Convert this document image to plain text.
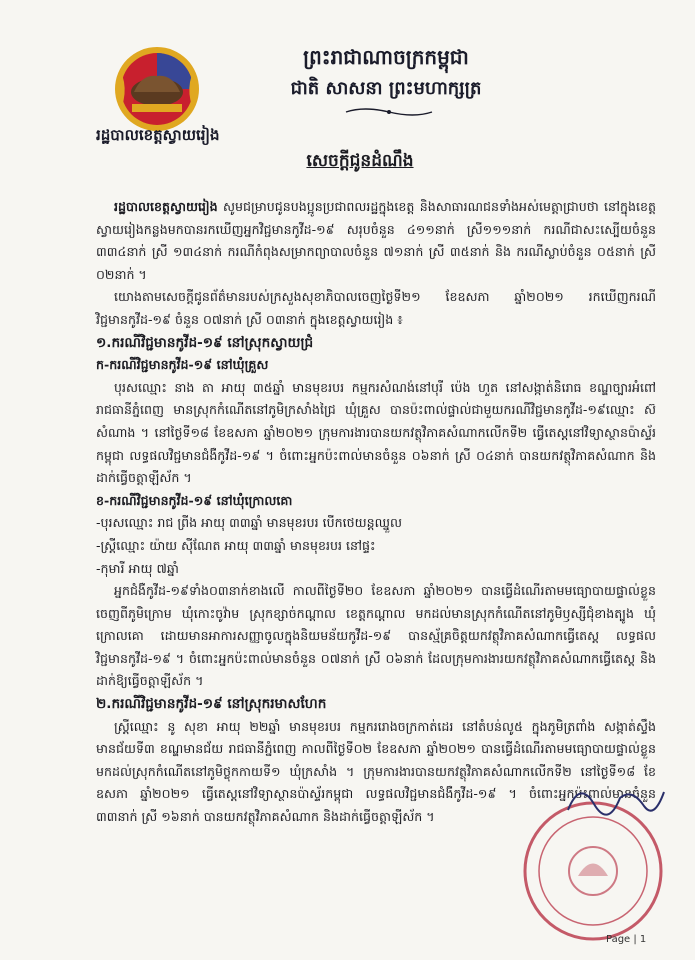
ព្រះរាជាណាចក្រកម្ពុជា
ជាតិ សាសនា ព្រះមហាក្សត្រ
រដ្ឋបាលខេត្តស្វាយរៀង
សេចក្ដីជូនដំណឹង

រដ្ឋបាលខេត្តស្វាយរៀង សូមជម្រាបជូនបងប្អូនប្រជាពលរដ្ឋក្នុងខេត្ត និងសាធារណជនទាំងអស់មេត្តាជ្រាបថា នៅក្នុងខេត្តស្វាយរៀងកន្លងមកបានរកឃើញអ្នកវិជ្ជមានកូវីដ-១៩ សរុបចំនួន ៤១១នាក់ ស្រី១១១នាក់ ករណីជាសះស្បើយចំនួន ៣៣៤នាក់ ស្រី ១៣៤នាក់ ករណីកំពុងសម្រាកព្យាបាលចំនួន ៧១នាក់ ស្រី ៣៥នាក់ និង ករណីស្លាប់ចំនួន ០៥នាក់ ស្រី ០២នាក់ ។

យោងតាមសេចក្ដីជូនព័ត៌មានរបស់ក្រសួងសុខាភិបាលចេញថ្ងៃទី២១ ខែឧសភា ឆ្នាំ២០២១ រកឃើញករណីវិជ្ជមានកូវីដ-១៩ ចំនួន ០៧នាក់ ស្រី ០៣នាក់ ក្នុងខេត្តស្វាយរៀង ៖

១.ករណីវិជ្ជមានកូវីដ-១៩ នៅស្រុកស្វាយជ្រំ

ក-ករណីវិជ្ជមានកូវីដ-១៩ នៅឃុំគ្រួស

បុរសឈ្មោះ នាង តា អាយុ ៣៥ឆ្នាំ មានមុខរបរ កម្មករសំណង់នៅបុរី ប៉េង ហួត នៅសង្កាត់និរោធ ខណ្ឌច្បារអំពៅ រាជធានីភ្នំពេញ មានស្រុកកំណើតនៅភូមិក្រសាំងជ្រៃ ឃុំគ្រួស បានប៉ះពាល់ផ្ទាល់ជាមួយករណីវិជ្ជមានកូវីដ-១៩ឈ្មោះ ស៊ សំណាង ។ នៅថ្ងៃទី១៨ ខែឧសភា ឆ្នាំ២០២១ ក្រុមការងារបានយកវត្ថុវិភាគសំណាកលើកទី២ ធ្វើតេស្តនៅវិទ្យាស្ថានប៉ាស្ទ័រកម្ពុជា លទ្ធផលវិជ្ជមានជំងឺកូវីដ-១៩ ។ ចំពោះអ្នកប៉ះពាល់មានចំនួន ០៦នាក់ ស្រី ០៤នាក់ បានយកវត្ថុវិភាគសំណាក និងដាក់ធ្វើចត្តាឡីស័ក ។

ខ-ករណីវិជ្ជមានកូវីដ-១៩ នៅឃុំក្រោលគោ

-បុរសឈ្មោះ រាជ ព្រីង អាយុ ៣៣ឆ្នាំ មានមុខរបរ បើកថេយន្តឈ្នួល

-ស្ត្រីឈ្មោះ យ៉ាយ ស៊ីណែត អាយុ ៣៣ឆ្នាំ មានមុខរបរ នៅផ្ទះ

-កុមារី អាយុ ៧ឆ្នាំ

អ្នកជំងឺកូវីដ-១៩ទាំង០៣នាក់ខាងលើ កាលពីថ្ងៃទី២០ ខែឧសភា ឆ្នាំ២០២១ បានធ្វើដំណើរតាមមធ្យោបាយផ្ទាល់ខ្លួនចេញពីភូមិក្រោម ឃុំកោះចូវ៉ាម ស្រុកខ្សាច់កណ្ដាល ខេត្តកណ្ដាល មកដល់មានស្រុកកំណើតនៅភូមិឫស្សីជុំខាងត្បូង ឃុំក្រោលគោ ដោយមានអាការសញ្ញាចូលក្នុងនិយមន័យកូវីដ-១៩ បានស្ម័គ្រចិត្តយកវត្ថុវិភាគសំណាកធ្វើតេស្ត លទ្ធផលវិជ្ជមានកូវីដ-១៩ ។ ចំពោះអ្នកប៉ះពាល់មានចំនួន ០៧នាក់ ស្រី ០៦នាក់ ដែលក្រុមការងារយកវត្ថុវិភាគសំណាកធ្វើតេស្ត និងដាក់ឱ្យធ្វើចត្តាឡីស័ក ។

២.ករណីវិជ្ជមានកូវីដ-១៩ នៅស្រុករមាសហែក

ស្ត្រីឈ្មោះ នូ សុខា អាយុ ២២ឆ្នាំ មានមុខរបរ កម្មកររោងចក្រកាត់ដេរ នៅតំបន់លូ៥ ក្នុងភូមិត្រពាំង សង្កាត់ស្ទឹងមានជ័យទី៣ ខណ្ឌមានជ័យ រាជធានីភ្នំពេញ កាលពីថ្ងៃទី០២ ខែឧសភា ឆ្នាំ២០២១ បានធ្វើដំណើរតាមមធ្យោបាយផ្ទាល់ខ្លួន មកដល់ស្រុកកំណើតនៅភូមិថ្លុកកាយទី១ ឃុំក្រសាំង ។ ក្រុមការងារបានយកវត្ថុវិភាគសំណាកលើកទី២ នៅថ្ងៃទី១៨ ខែឧសភា ឆ្នាំ២០២១ ធ្វើតេស្តនៅវិទ្យាស្ថានប៉ាស្ទ័រកម្ពុជា លទ្ធផលវិជ្ជមានជំងឺកូវីដ-១៩ ។ ចំពោះអ្នកប៉ះពាល់មានចំនួន ៣៣នាក់ ស្រី ១៦នាក់ បានយកវត្ថុវិភាគសំណាក និងដាក់ធ្វើចត្តាឡីស័ក ។

Page | 1
